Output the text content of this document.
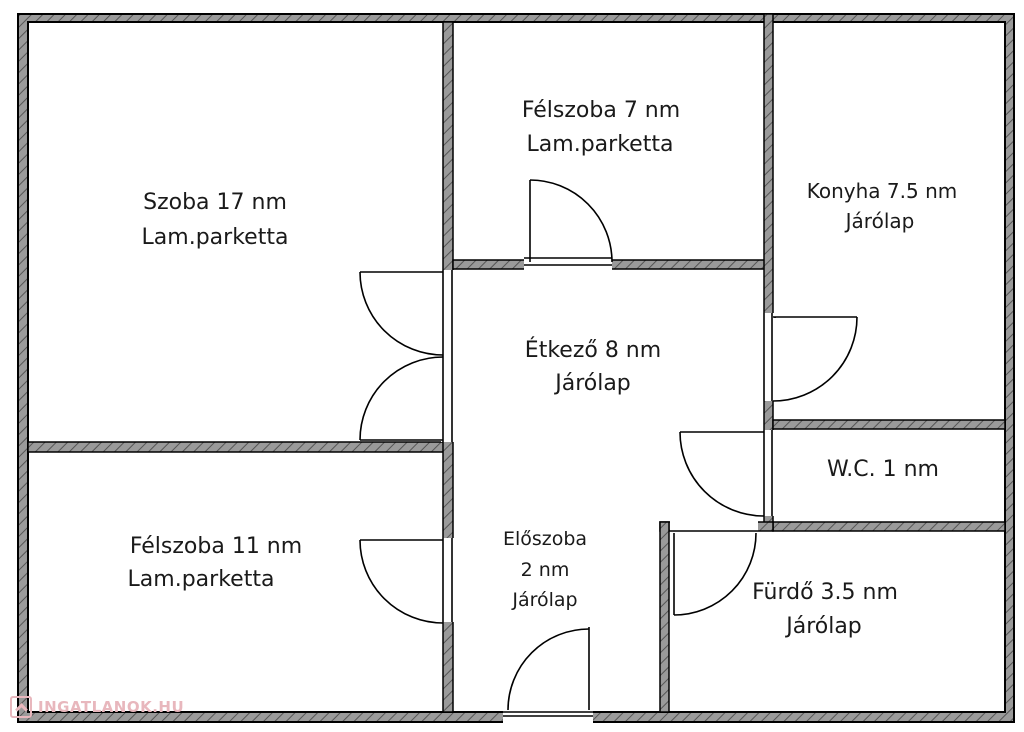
Szoba 17 nm
Lam.parketta
Félszoba 7 nm
Lam.parketta
Konyha 7.5 nm
Járólap
Étkező 8 nm
Járólap
W.C. 1 nm
Félszoba 11 nm
Lam.parketta
Előszoba
2 nm
Járólap	Fürdő 3.5 nm
Járólap
INGATLANOK.HU
